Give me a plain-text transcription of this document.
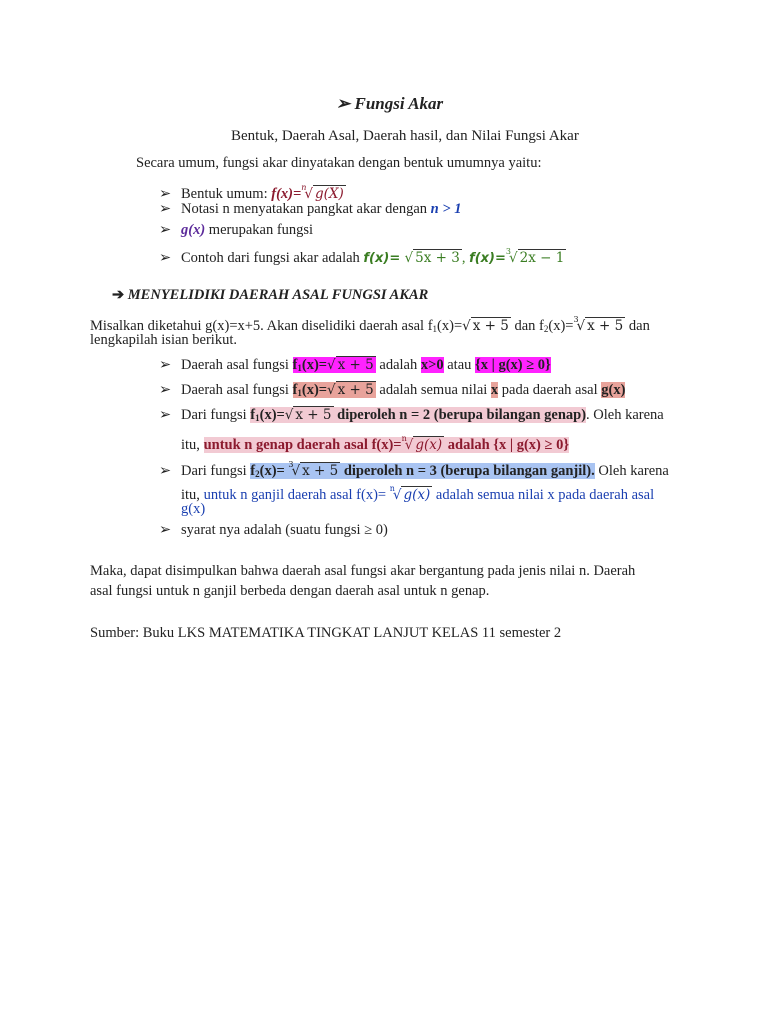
➢ Fungsi Akar
Bentuk, Daerah Asal, Daerah hasil, dan Nilai Fungsi Akar
Secara umum, fungsi akar dinyatakan dengan bentuk umumnya yaitu:
➢ Bentuk umum: f(x)=$^n$√ g(X)
➢ Notasi n menyatakan pangkat akar dengan n > 1
➢ g(x) merupakan fungsi
➢ Contoh dari fungsi akar adalah f(x)= √ 5x + 3 , f(x)=$^3$√ 2x − 1
➔ MENYELIDIKI DAERAH ASAL FUNGSI AKAR
Misalkan diketahui g(x)=x+5. Akan diselidiki daerah asal f1(x)=√ x + 5 dan f2(x)=$^3$√ x + 5 dan
lengkapilah isian berikut.
➢ Daerah asal fungsi f1(x)=√ x + 5 adalah x>0 atau {x | g(x) ≥ 0}
➢ Daerah asal fungsi f1(x)=√ x + 5 adalah semua nilai x pada daerah asal g(x)
➢ Dari fungsi f1(x)=√ x + 5 diperoleh n = 2 (berupa bilangan genap). Oleh karena
itu, untuk n genap daerah asal f(x)=$^n$√ g(x) adalah {x | g(x) ≥ 0}
➢ Dari fungsi f2(x)= $^3$√ x + 5 diperoleh n = 3 (berupa bilangan ganjil). Oleh karena
itu, untuk n ganjil daerah asal f(x)= $^n$√ g(x) adalah semua nilai x pada daerah asal
g(x)
➢ syarat nya adalah (suatu fungsi ≥ 0)
Maka, dapat disimpulkan bahwa daerah asal fungsi akar bergantung pada jenis nilai n. Daerah
asal fungsi untuk n ganjil berbeda dengan daerah asal untuk n genap.
Sumber: Buku LKS MATEMATIKA TINGKAT LANJUT KELAS 11 semester 2
